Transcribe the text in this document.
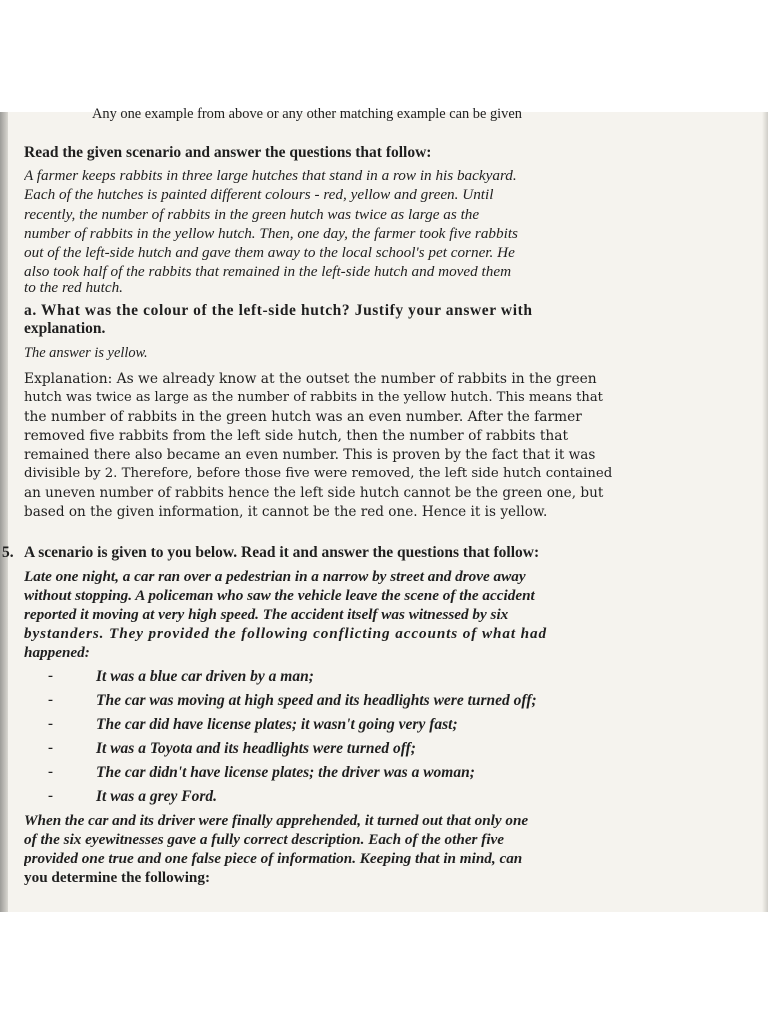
Any one example from above or any other matching example can be given
Read the given scenario and answer the questions that follow:
A farmer keeps rabbits in three large hutches that stand in a row in his backyard.
Each of the hutches is painted different colours - red, yellow and green. Until
recently, the number of rabbits in the green hutch was twice as large as the
number of rabbits in the yellow hutch. Then, one day, the farmer took five rabbits
out of the left-side hutch and gave them away to the local school's pet corner. He
also took half of the rabbits that remained in the left-side hutch and moved them
to the red hutch.
a. What was the colour of the left-side hutch? Justify your answer with
explanation.
The answer is yellow.
Explanation: As we already know at the outset the number of rabbits in the green
hutch was twice as large as the number of rabbits in the yellow hutch. This means that
the number of rabbits in the green hutch was an even number. After the farmer
removed five rabbits from the left side hutch, then the number of rabbits that
remained there also became an even number. This is proven by the fact that it was
divisible by 2. Therefore, before those five were removed, the left side hutch contained
an uneven number of rabbits hence the left side hutch cannot be the green one, but
based on the given information, it cannot be the red one. Hence it is yellow.
5. A scenario is given to you below. Read it and answer the questions that follow:
Late one night, a car ran over a pedestrian in a narrow by street and drove away
without stopping. A policeman who saw the vehicle leave the scene of the accident
reported it moving at very high speed. The accident itself was witnessed by six
bystanders. They provided the following conflicting accounts of what had
happened:
-	It was a blue car driven by a man;
-	The car was moving at high speed and its headlights were turned off;
-	The car did have license plates; it wasn't going very fast;
-	It was a Toyota and its headlights were turned off;
-	The car didn't have license plates; the driver was a woman;
-	It was a grey Ford.
When the car and its driver were finally apprehended, it turned out that only one
of the six eyewitnesses gave a fully correct description. Each of the other five
provided one true and one false piece of information. Keeping that in mind, can
you determine the following:
